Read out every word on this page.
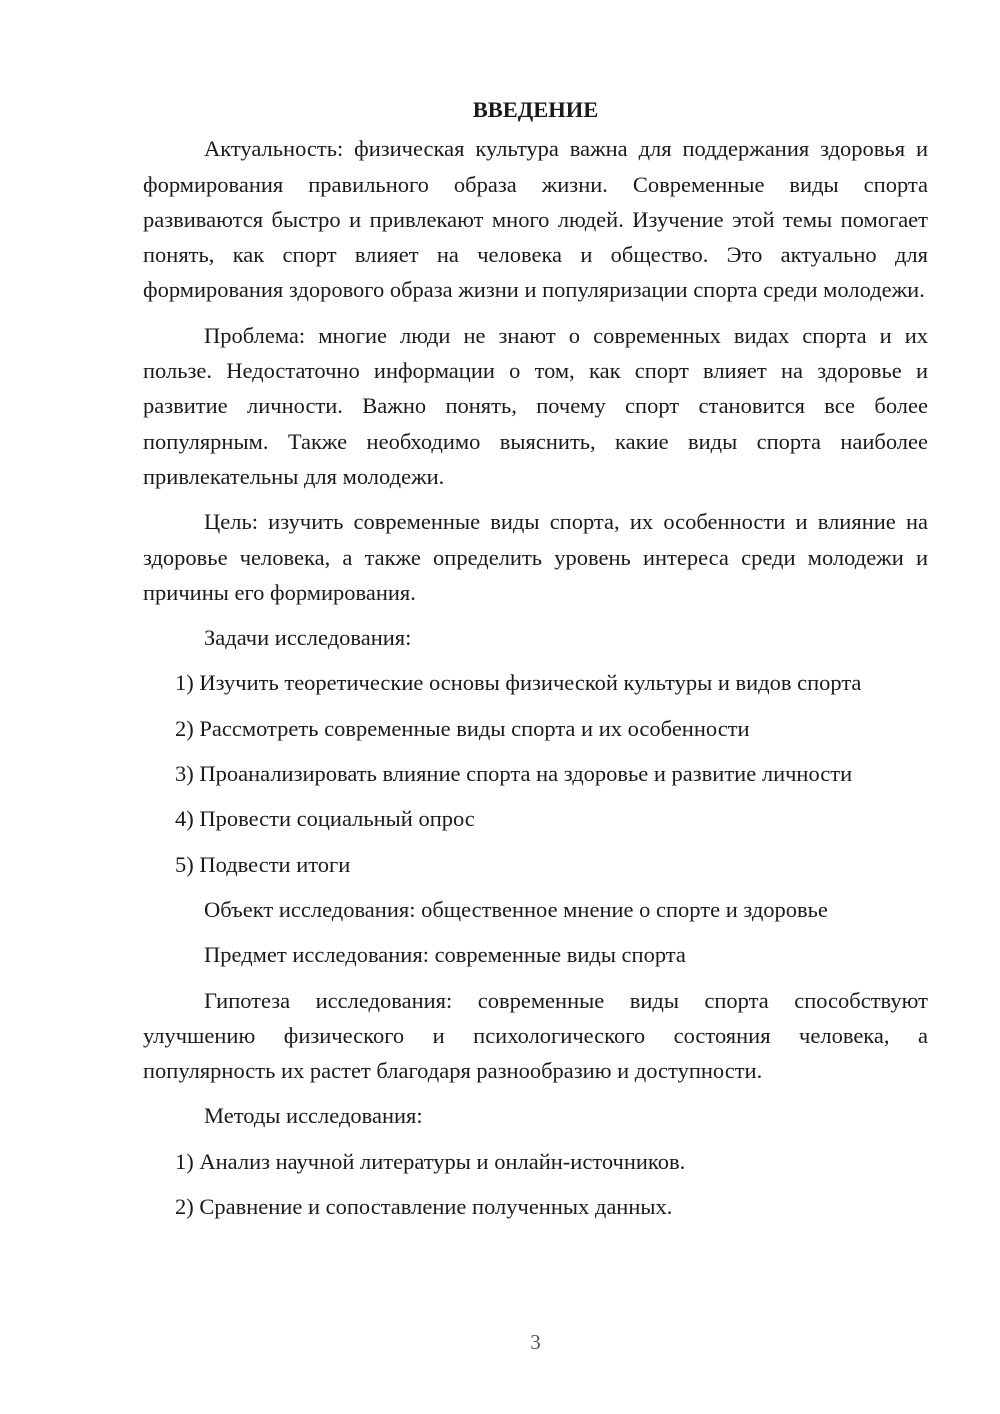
ВВЕДЕНИЕ
Актуальность: физическая культура важна для поддержания здоровья и формирования правильного образа жизни. Современные виды спорта развиваются быстро и привлекают много людей. Изучение этой темы помогает понять, как спорт влияет на человека и общество. Это актуально для формирования здорового образа жизни и популяризации спорта среди молодежи.
Проблема: многие люди не знают о современных видах спорта и их пользе. Недостаточно информации о том, как спорт влияет на здоровье и развитие личности. Важно понять, почему спорт становится все более популярным. Также необходимо выяснить, какие виды спорта наиболее привлекательны для молодежи.
Цель: изучить современные виды спорта, их особенности и влияние на здоровье человека, а также определить уровень интереса среди молодежи и причины его формирования.
Задачи исследования:
1) Изучить теоретические основы физической культуры и видов спорта
2) Рассмотреть современные виды спорта и их особенности
3) Проанализировать влияние спорта на здоровье и развитие личности
4) Провести социальный опрос
5) Подвести итоги
Объект исследования: общественное мнение о спорте и здоровье
Предмет исследования: современные виды спорта
Гипотеза исследования: современные виды спорта способствуют улучшению физического и психологического состояния человека, а популярность их растет благодаря разнообразию и доступности.
Методы исследования:
1) Анализ научной литературы и онлайн-источников.
2) Сравнение и сопоставление полученных данных.
3
